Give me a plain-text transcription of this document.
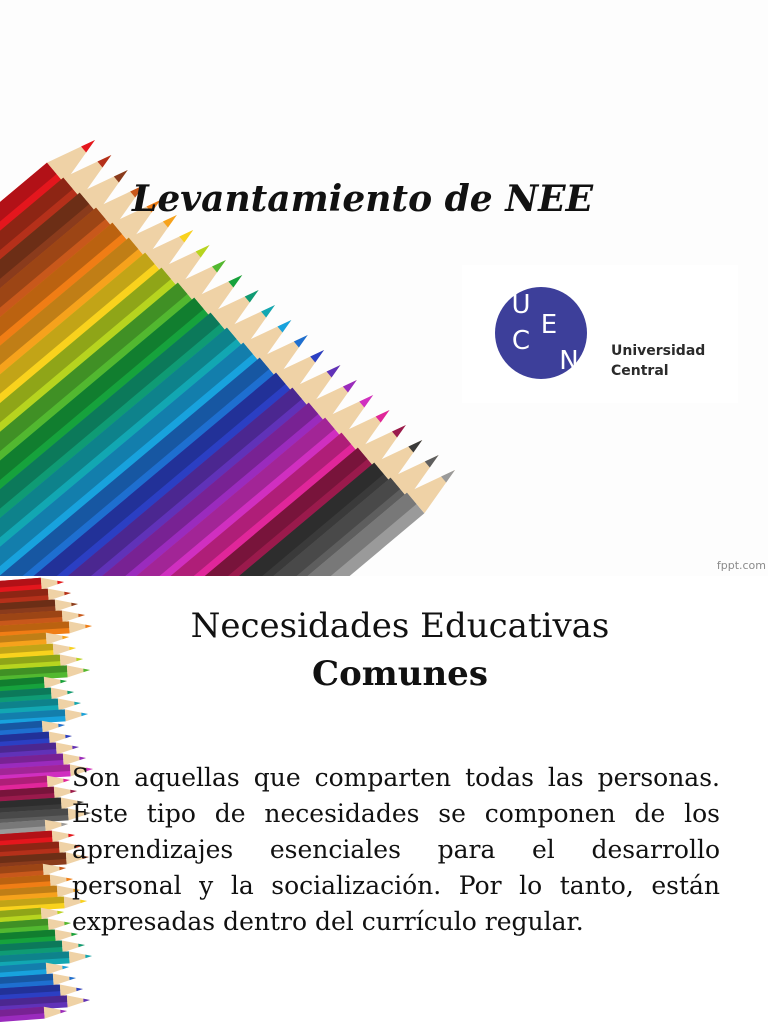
Levantamiento de NEE
U
C
E
N Universidad
Central
fppt.com
Necesidades Educativas
Comunes

Son aquellas que comparten todas las personas. Este tipo de necesidades se componen de los aprendizajes esenciales para el desarrollo personal y la socialización. Por lo tanto, están expresadas dentro del currículo regular.
